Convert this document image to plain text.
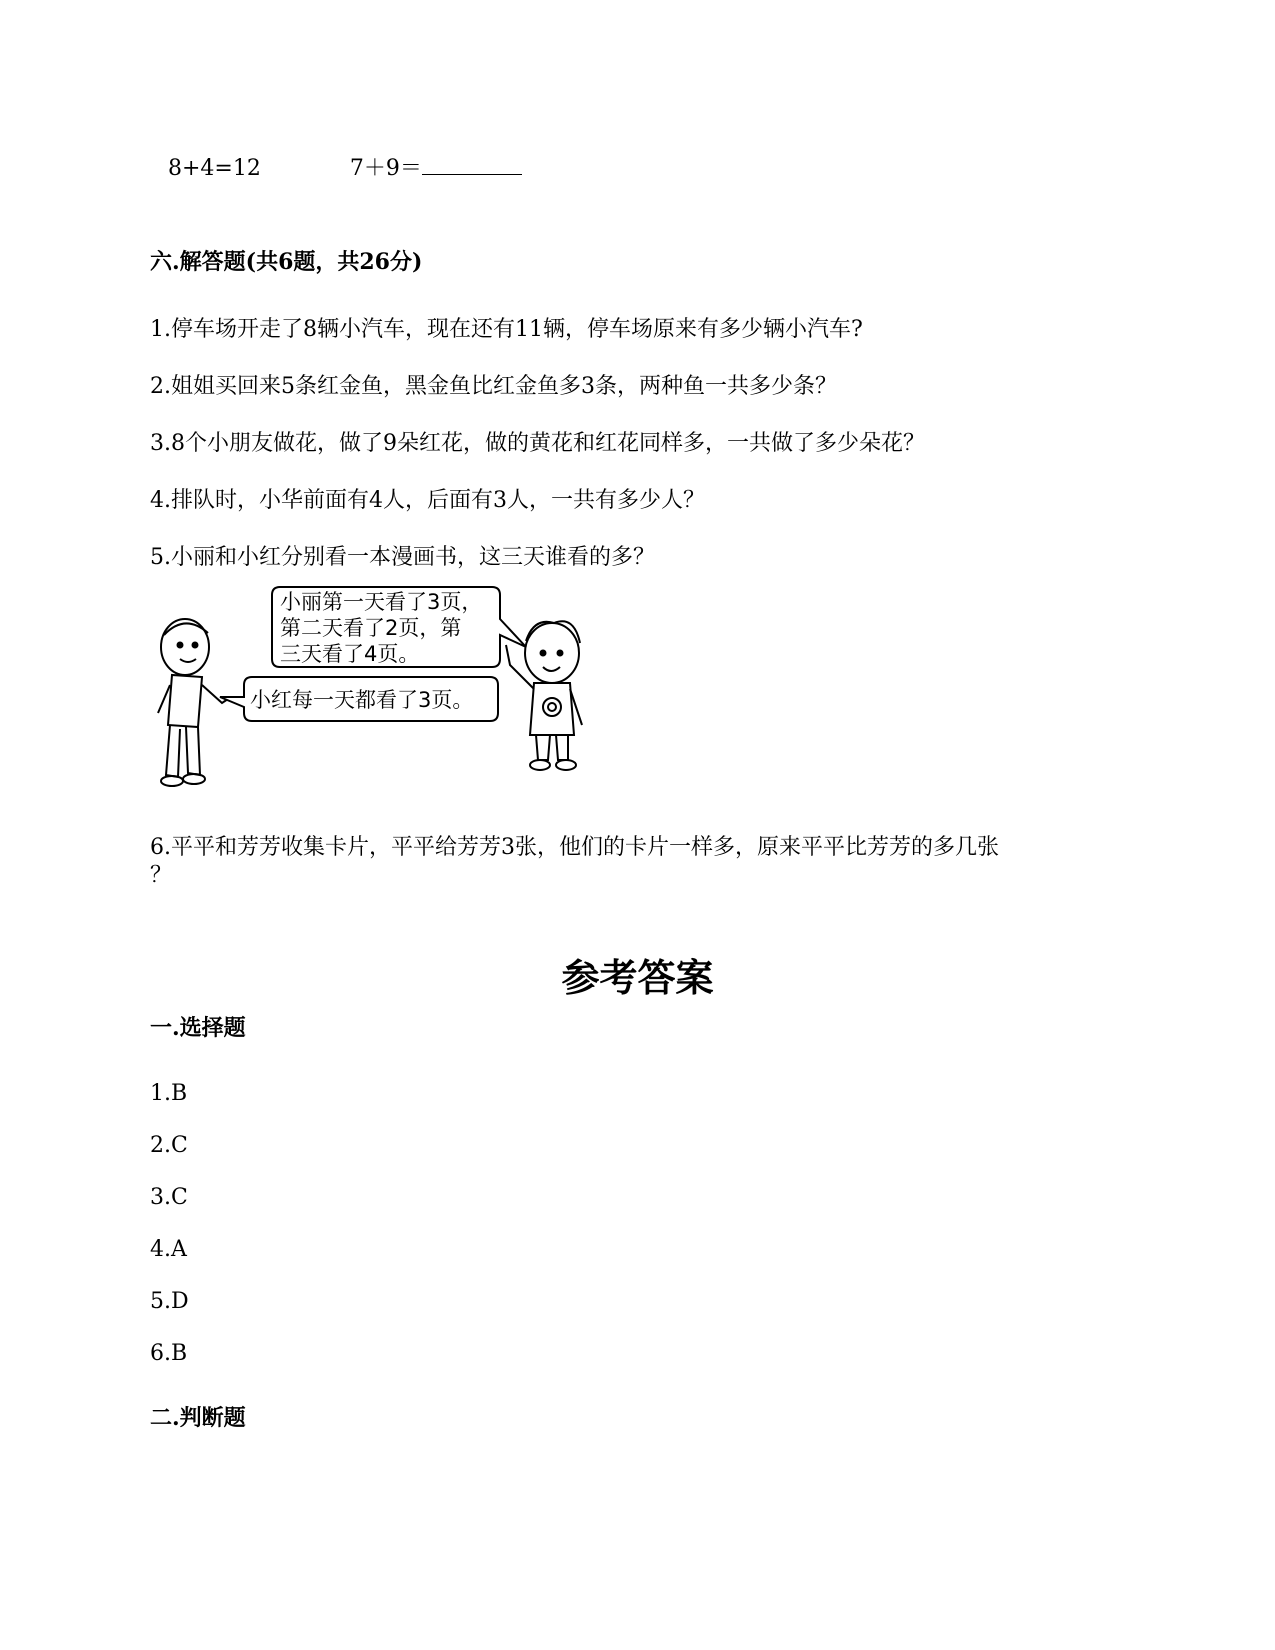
8+4=12	7＋9＝
六.解答题(共6题，共26分)
1.停车场开走了8辆小汽车，现在还有11辆，停车场原来有多少辆小汽车?
2.姐姐买回来5条红金鱼，黑金鱼比红金鱼多3条，两种鱼一共多少条？
3.8个小朋友做花，做了9朵红花，做的黄花和红花同样多，一共做了多少朵花？
4.排队时，小华前面有4人，后面有3人，一共有多少人？
5.小丽和小红分别看一本漫画书，这三天谁看的多？
小丽第一天看了3页，
第二天看了2页，第
三天看了4页。
小红每一天都看了3页。
6.平平和芳芳收集卡片，平平给芳芳3张，他们的卡片一样多，原来平平比芳芳的多几张
？
参考答案
一.选择题
1.B
2.C
3.C
4.A
5.D
6.B
二.判断题
